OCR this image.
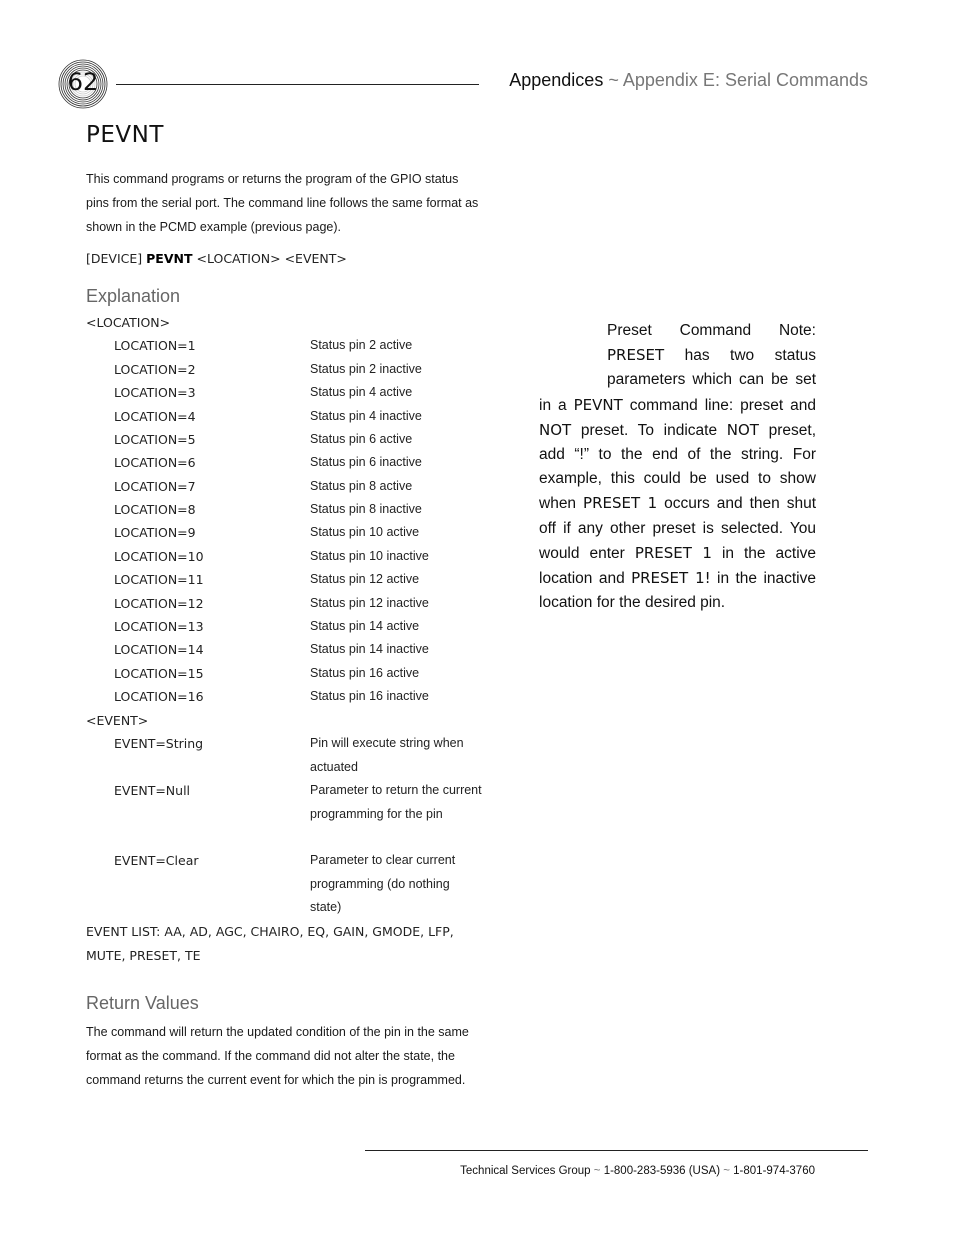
62	Appendices ~ Appendix E: Serial Commands
PEVNT
This command programs or returns the program of the GPIO status pins from the serial port. The command line follows the same format as shown in the PCMD example (previous page).
[DEVICE] PEVNT <LOCATION> <EVENT>
Explanation
<LOCATION>
LOCATION=1	Status pin 2 active
LOCATION=2	Status pin 2 inactive
LOCATION=3	Status pin 4 active
LOCATION=4	Status pin 4 inactive
LOCATION=5	Status pin 6 active
LOCATION=6	Status pin 6 inactive
LOCATION=7	Status pin 8 active
LOCATION=8	Status pin 8 inactive
LOCATION=9	Status pin 10 active
LOCATION=10	Status pin 10 inactive
LOCATION=11	Status pin 12 active
LOCATION=12	Status pin 12 inactive
LOCATION=13	Status pin 14 active
LOCATION=14	Status pin 14 inactive
LOCATION=15	Status pin 16 active
LOCATION=16	Status pin 16 inactive
<EVENT>
EVENT=String	Pin will execute string when actuated
EVENT=Null	Parameter to return the current programming for the pin
EVENT=Clear	Parameter to clear current programming (do nothing state)
EVENT LIST: AA, AD, AGC, CHAIRO, EQ, GAIN, GMODE, LFP, MUTE, PRESET, TE
Return Values
The command will return the updated condition of the pin in the same format as the command. If the command did not alter the state, the command returns the current event for which the pin is programmed.
Preset Command Note: PRESET has two status parameters which can be set in a PEVNT command line: preset and NOT preset. To indicate NOT preset, add “!” to the end of the string. For example, this could be used to show when PRESET 1 occurs and then shut off if any other preset is selected. You would enter PRESET 1 in the active location and PRESET 1! in the inactive location for the desired pin.
Technical Services Group ~ 1-800-283-5936 (USA) ~ 1-801-974-3760
